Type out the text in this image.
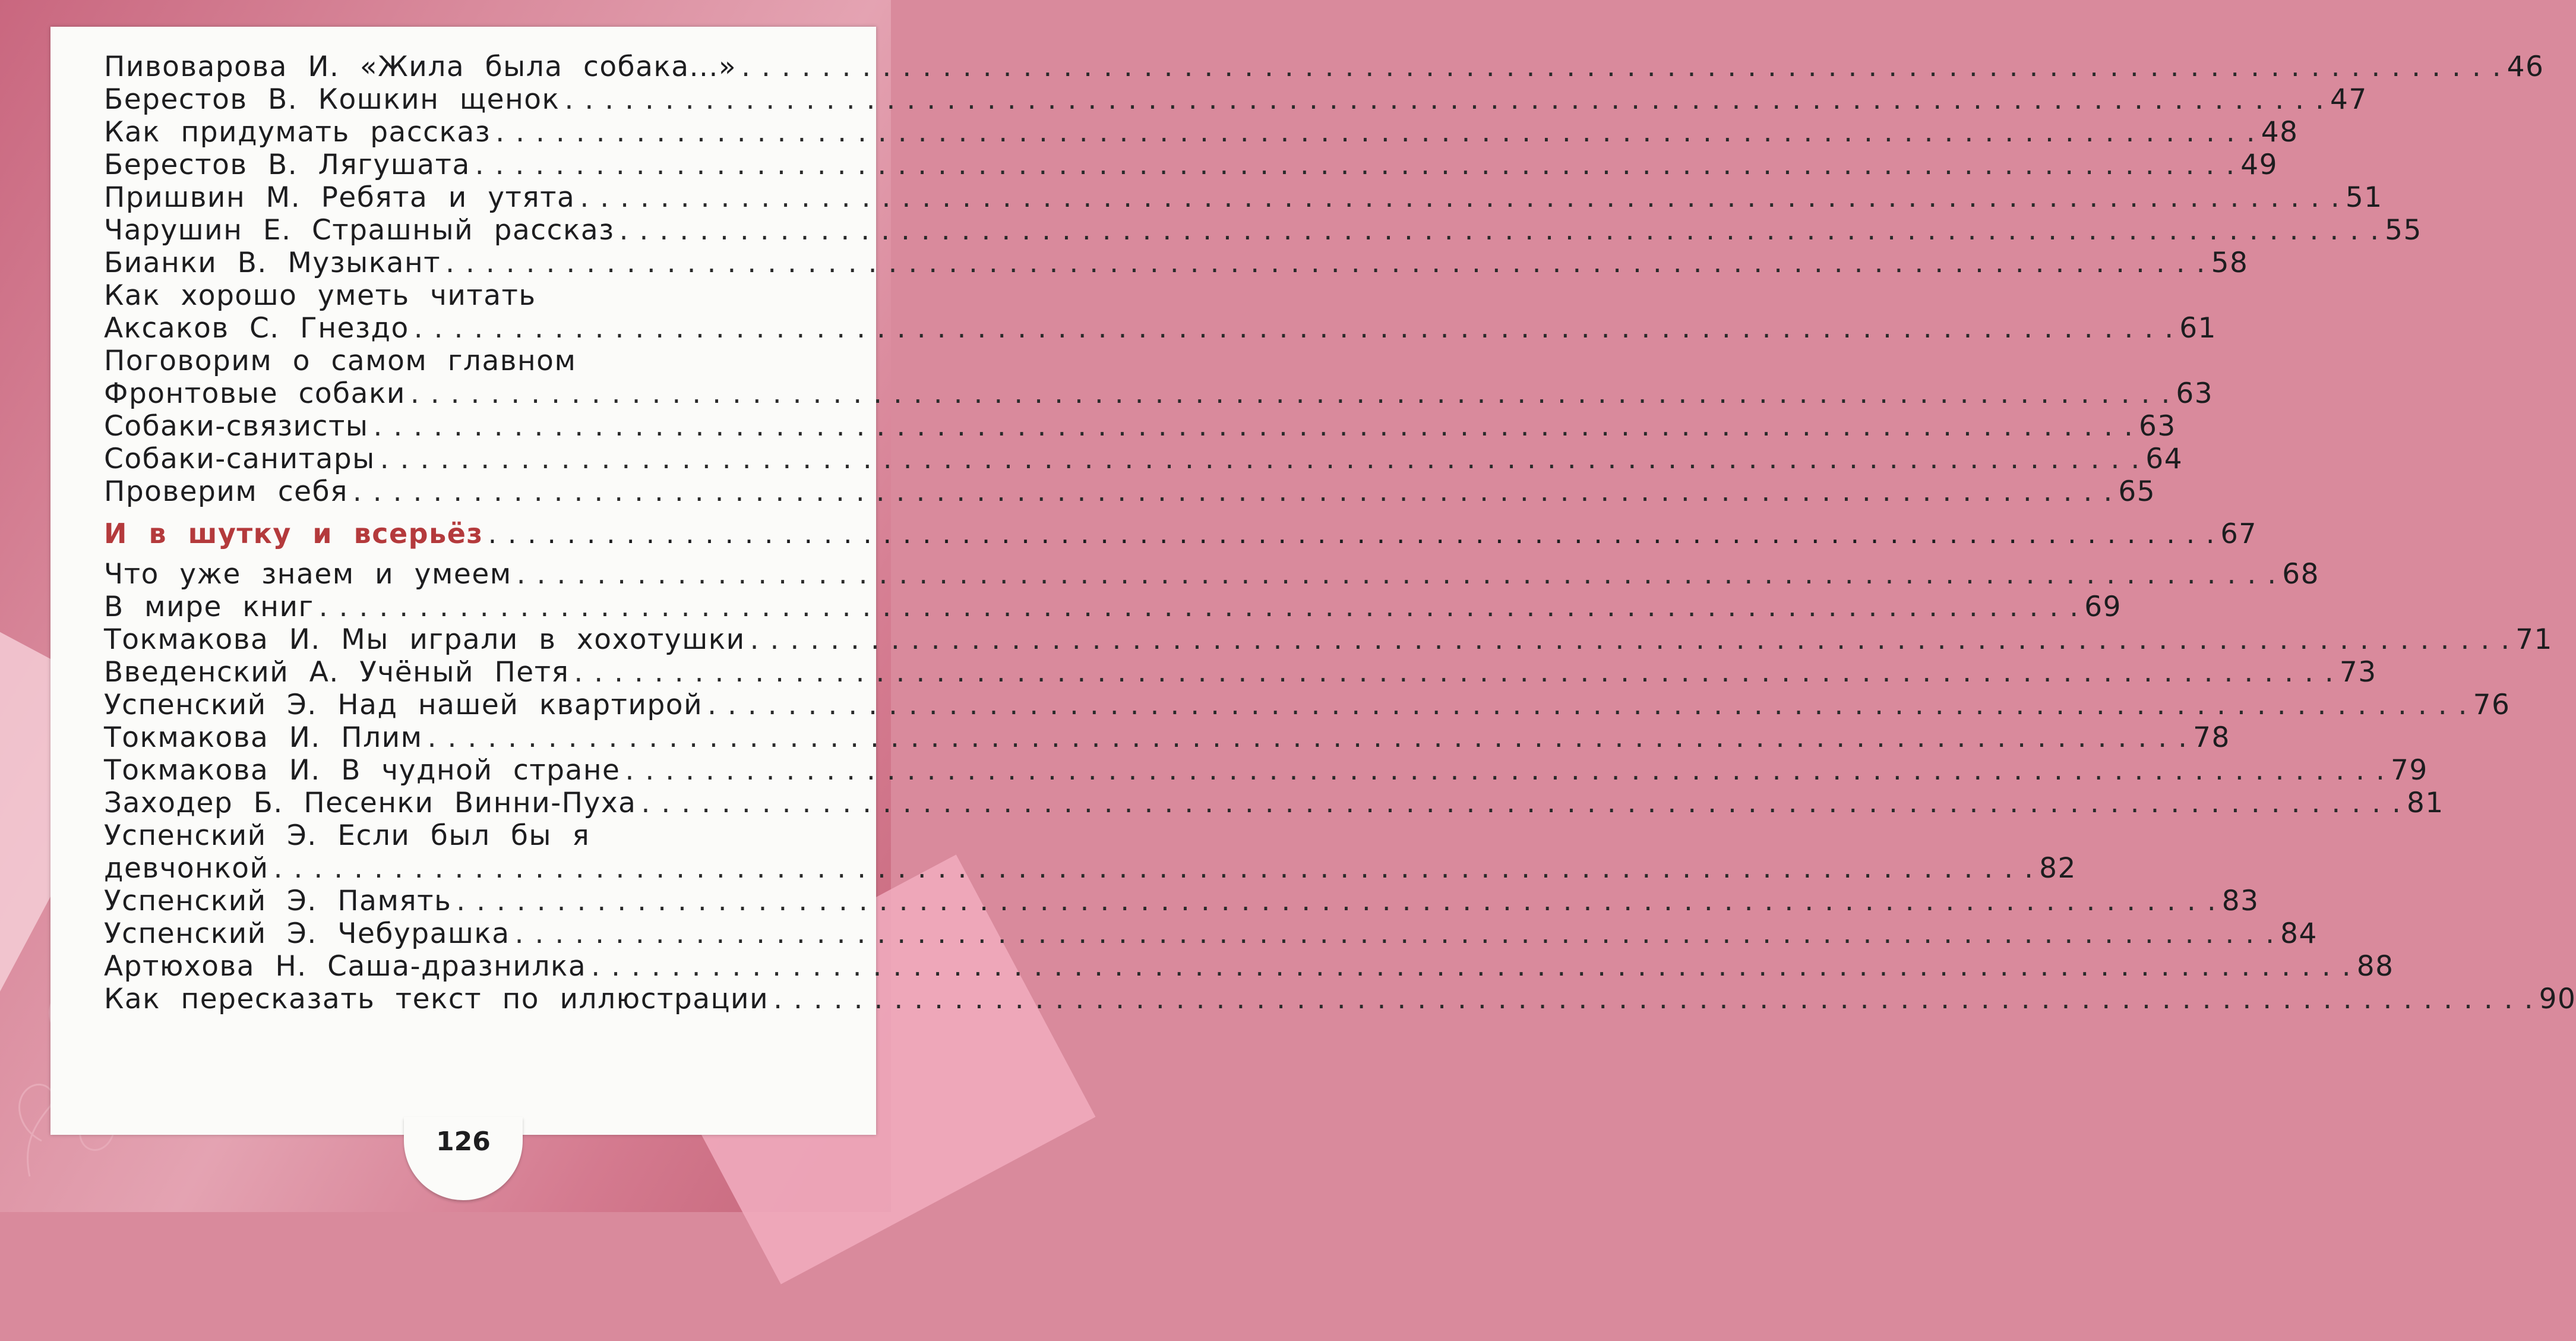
Пивоварова И. «Жила была собака...» . . .	46
Берестов В. Кошкин щенок . . .	47
Как придумать рассказ . . .	48
Берестов В. Лягушата . . .	49
Пришвин М. Ребята и утята . . .	51
Чарушин Е. Страшный рассказ . . .	55
Бианки В. Музыкант . . .	58
Как хорошо уметь читать
Аксаков С. Гнездо . . .	61
Поговорим о самом главном
Фронтовые собаки . . .	63
Собаки-связисты . . .	63
Собаки-санитары . . .	64
Проверим себя . . .	65
И в шутку и всерьёз . . .	67
Что уже знаем и умеем . . .	68
В мире книг . . .	69
Токмакова И. Мы играли в хохотушки . . .	71
Введенский А. Учёный Петя . . .	73
Успенский Э. Над нашей квартирой . . .	76
Токмакова И. Плим . . .	78
Токмакова И. В чудной стране . . .	79
Заходер Б. Песенки Винни-Пуха . . .	81
Успенский Э. Если был бы я
девчонкой . . .	82
Успенский Э. Память . . .	83
Успенский Э. Чебурашка . . .	84
Артюхова Н. Саша-дразнилка . . .	88
Как пересказать текст по иллюстрации . . .	90
126
